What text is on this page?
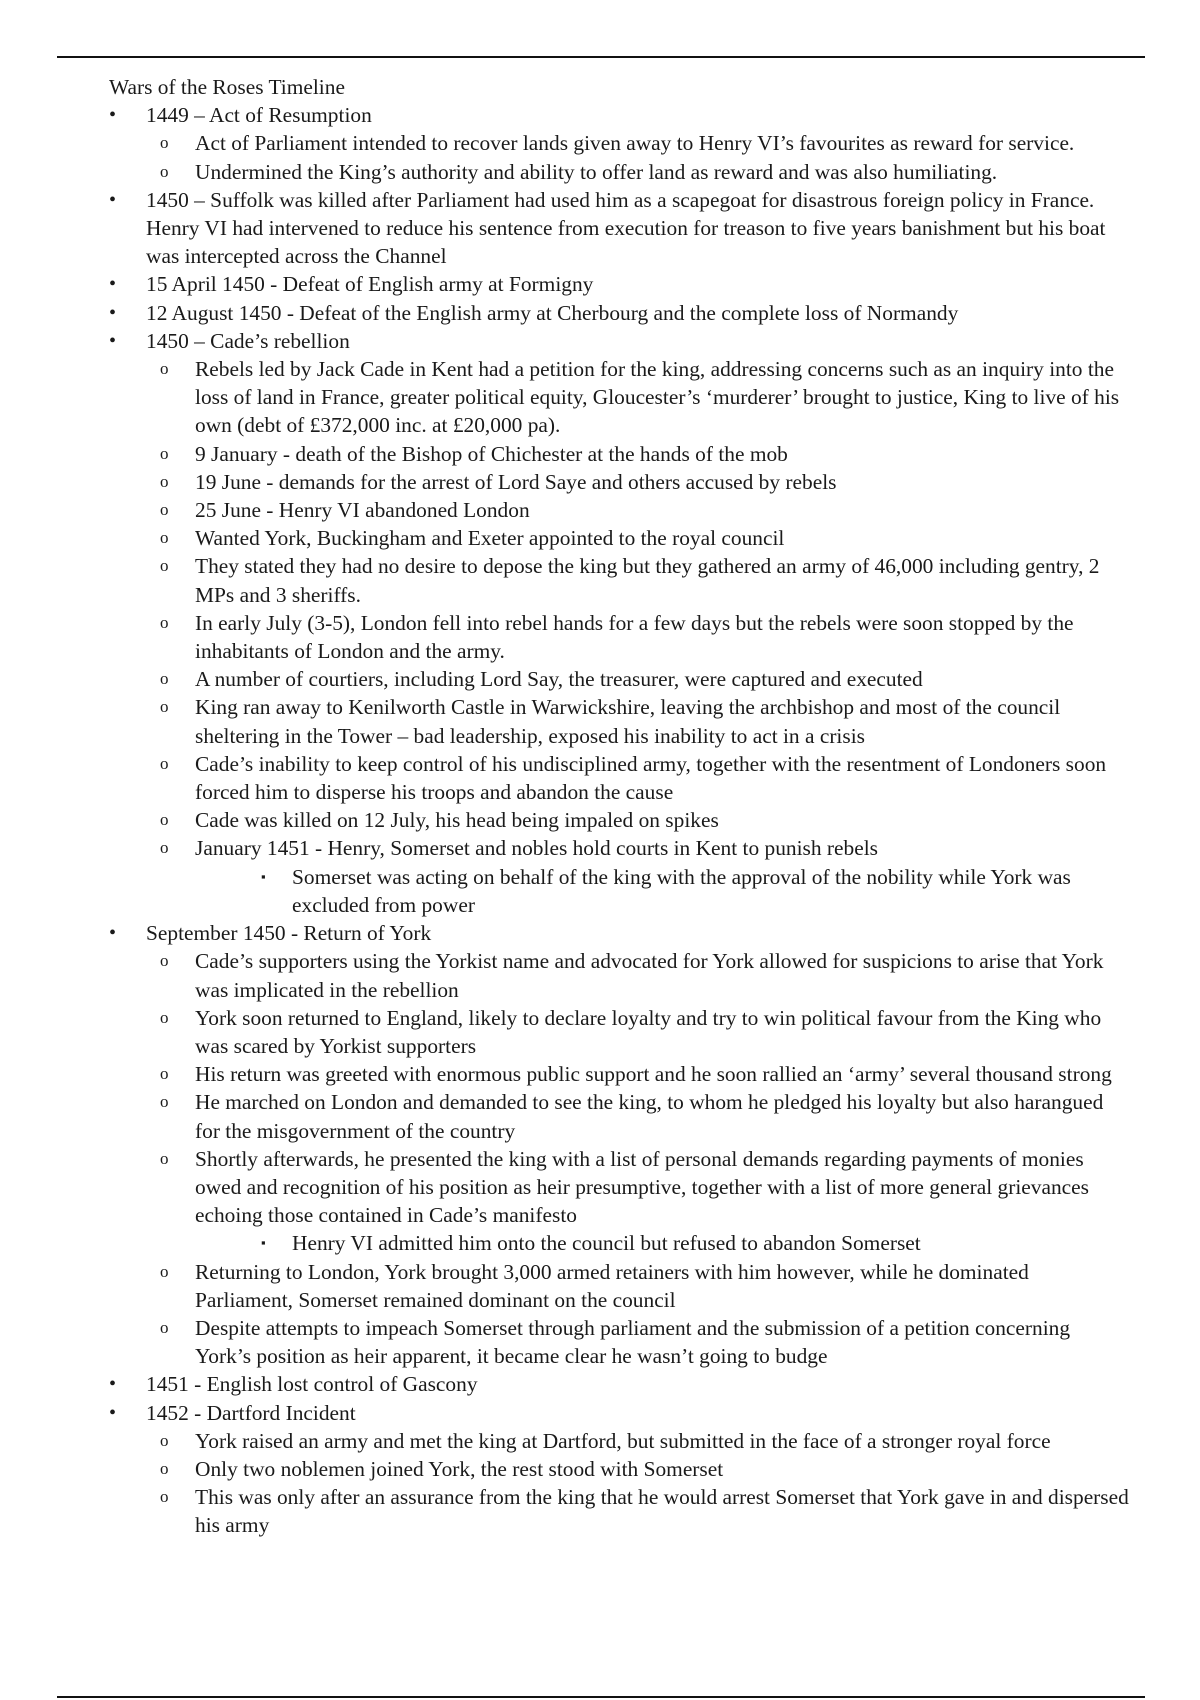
Wars of the Roses Timeline

• 1449 – Act of Resumption
o Act of Parliament intended to recover lands given away to Henry VI’s favourites as reward for service.
o Undermined the King’s authority and ability to offer land as reward and was also humiliating.
• 1450 – Suffolk was killed after Parliament had used him as a scapegoat for disastrous foreign policy in France. Henry VI had intervened to reduce his sentence from execution for treason to five years banishment but his boat was intercepted across the Channel
• 15 April 1450 - Defeat of English army at Formigny
• 12 August 1450 - Defeat of the English army at Cherbourg and the complete loss of Normandy
• 1450 – Cade’s rebellion
o Rebels led by Jack Cade in Kent had a petition for the king, addressing concerns such as an inquiry into the loss of land in France, greater political equity, Gloucester’s ‘murderer’ brought to justice, King to live of his own (debt of £372,000 inc. at £20,000 pa).
o 9 January - death of the Bishop of Chichester at the hands of the mob
o 19 June - demands for the arrest of Lord Saye and others accused by rebels
o 25 June - Henry VI abandoned London
o Wanted York, Buckingham and Exeter appointed to the royal council
o They stated they had no desire to depose the king but they gathered an army of 46,000 including gentry, 2 MPs and 3 sheriffs.
o In early July (3-5), London fell into rebel hands for a few days but the rebels were soon stopped by the inhabitants of London and the army.
o A number of courtiers, including Lord Say, the treasurer, were captured and executed
o King ran away to Kenilworth Castle in Warwickshire, leaving the archbishop and most of the council sheltering in the Tower – bad leadership, exposed his inability to act in a crisis
o Cade’s inability to keep control of his undisciplined army, together with the resentment of Londoners soon forced him to disperse his troops and abandon the cause
o Cade was killed on 12 July, his head being impaled on spikes
o January 1451 - Henry, Somerset and nobles hold courts in Kent to punish rebels
▪ Somerset was acting on behalf of the king with the approval of the nobility while York was excluded from power
• September 1450 - Return of York
o Cade’s supporters using the Yorkist name and advocated for York allowed for suspicions to arise that York was implicated in the rebellion
o York soon returned to England, likely to declare loyalty and try to win political favour from the King who was scared by Yorkist supporters
o His return was greeted with enormous public support and he soon rallied an ‘army’ several thousand strong
o He marched on London and demanded to see the king, to whom he pledged his loyalty but also harangued for the misgovernment of the country
o Shortly afterwards, he presented the king with a list of personal demands regarding payments of monies owed and recognition of his position as heir presumptive, together with a list of more general grievances echoing those contained in Cade’s manifesto
▪ Henry VI admitted him onto the council but refused to abandon Somerset
o Returning to London, York brought 3,000 armed retainers with him however, while he dominated Parliament, Somerset remained dominant on the council
o Despite attempts to impeach Somerset through parliament and the submission of a petition concerning York’s position as heir apparent, it became clear he wasn’t going to budge
• 1451 - English lost control of Gascony
• 1452 - Dartford Incident
o York raised an army and met the king at Dartford, but submitted in the face of a stronger royal force
o Only two noblemen joined York, the rest stood with Somerset
o This was only after an assurance from the king that he would arrest Somerset that York gave in and dispersed his army
